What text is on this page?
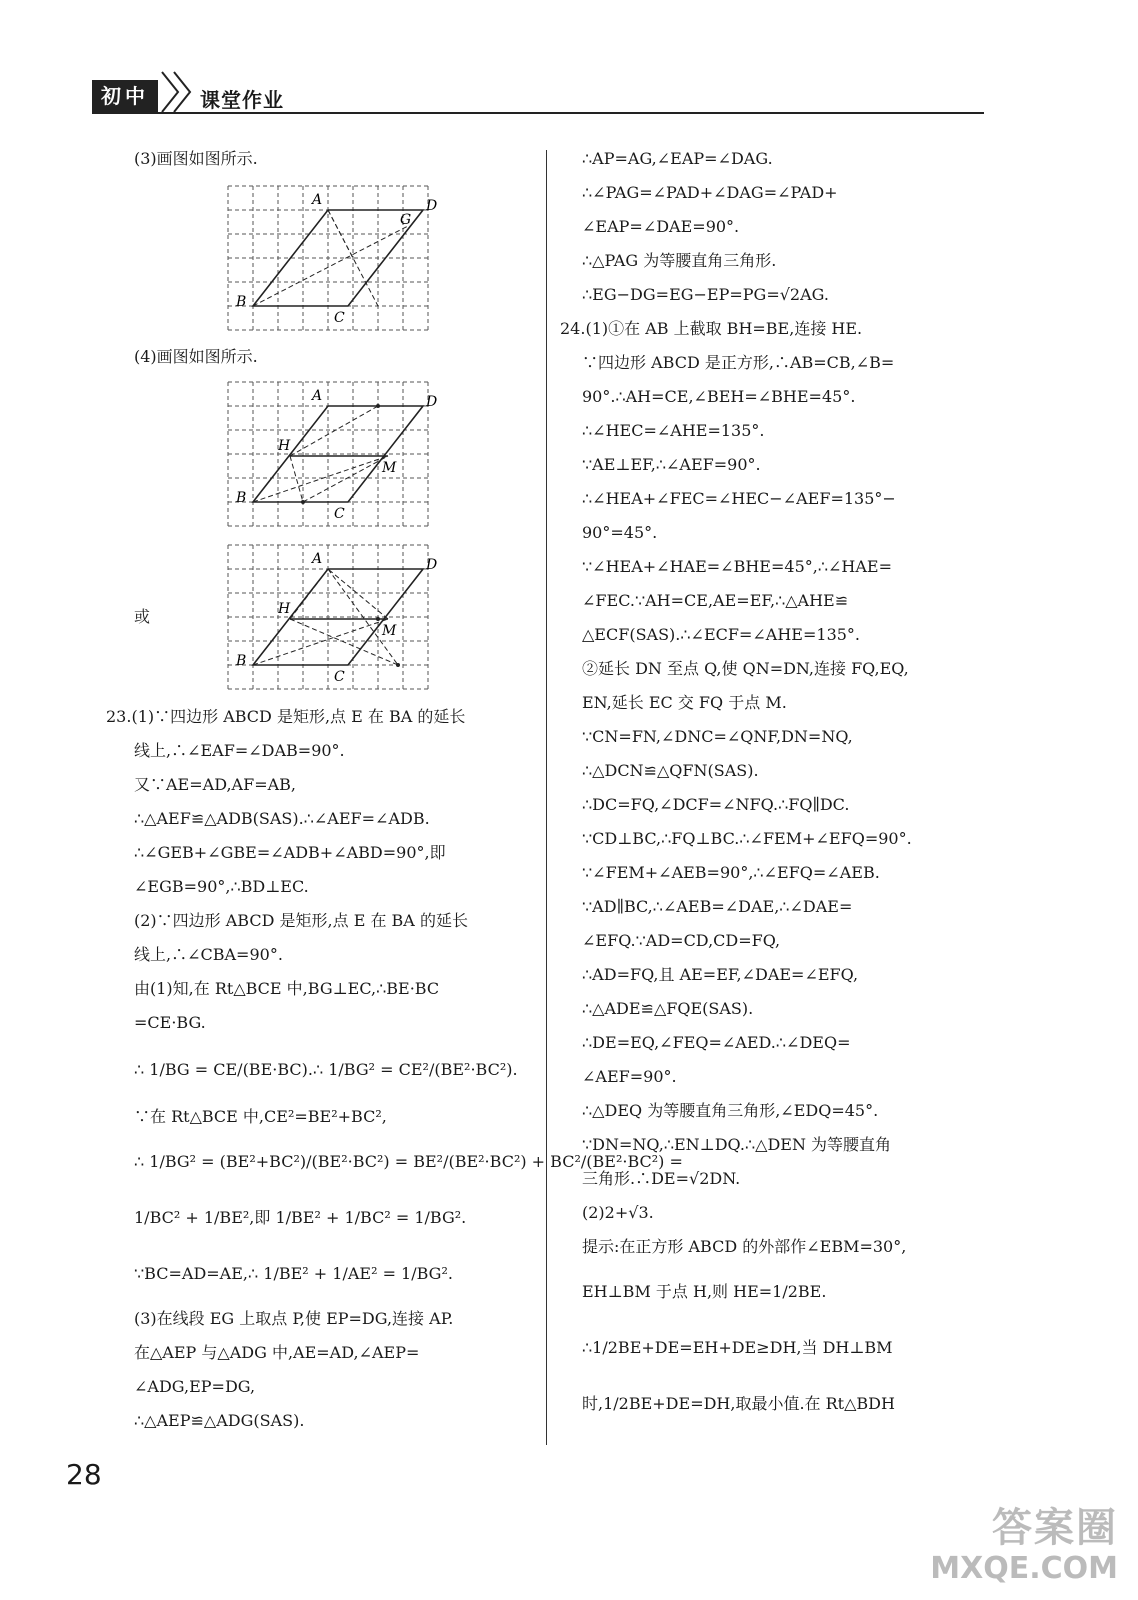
初中	课堂作业

(3)画图如图所示.

A	D
G
B
C

(4)画图如图所示.

A	D
H
M
B
C
A	D
H
M
B
C

或

23.(1)∵四边形 ABCD 是矩形,点 E 在 BA 的延长

线上,∴∠EAF=∠DAB=90°.

又∵AE=AD,AF=AB,

∴△AEF≌△ADB(SAS).∴∠AEF=∠ADB.

∴∠GEB+∠GBE=∠ADB+∠ABD=90°,即

∠EGB=90°,∴BD⊥EC.

(2)∵四边形 ABCD 是矩形,点 E 在 BA 的延长

线上,∴∠CBA=90°.

由(1)知,在 Rt△BCE 中,BG⊥EC,∴BE·BC

=CE·BG.

∴ 1/BG = CE/(BE·BC).∴ 1/BG² = CE²/(BE²·BC²).

∵在 Rt△BCE 中,CE²=BE²+BC²,

∴ 1/BG² = (BE²+BC²)/(BE²·BC²) = BE²/(BE²·BC²) + BC²/(BE²·BC²) =

1/BC² + 1/BE²,即 1/BE² + 1/BC² = 1/BG².

∵BC=AD=AE,∴ 1/BE² + 1/AE² = 1/BG².

(3)在线段 EG 上取点 P,使 EP=DG,连接 AP.

在△AEP 与△ADG 中,AE=AD,∠AEP=

∠ADG,EP=DG,

∴△AEP≌△ADG(SAS).

∴AP=AG,∠EAP=∠DAG.

∴∠PAG=∠PAD+∠DAG=∠PAD+

∠EAP=∠DAE=90°.

∴△PAG 为等腰直角三角形.

∴EG−DG=EG−EP=PG=√2AG.

24.(1)①在 AB 上截取 BH=BE,连接 HE.

∵四边形 ABCD 是正方形,∴AB=CB,∠B=

90°.∴AH=CE,∠BEH=∠BHE=45°.

∴∠HEC=∠AHE=135°.

∵AE⊥EF,∴∠AEF=90°.

∴∠HEA+∠FEC=∠HEC−∠AEF=135°−

90°=45°.

∵∠HEA+∠HAE=∠BHE=45°,∴∠HAE=

∠FEC.∵AH=CE,AE=EF,∴△AHE≌

△ECF(SAS).∴∠ECF=∠AHE=135°.

②延长 DN 至点 Q,使 QN=DN,连接 FQ,EQ,

EN,延长 EC 交 FQ 于点 M.

∵CN=FN,∠DNC=∠QNF,DN=NQ,

∴△DCN≌△QFN(SAS).

∴DC=FQ,∠DCF=∠NFQ.∴FQ∥DC.

∵CD⊥BC,∴FQ⊥BC.∴∠FEM+∠EFQ=90°.

∵∠FEM+∠AEB=90°,∴∠EFQ=∠AEB.

∵AD∥BC,∴∠AEB=∠DAE,∴∠DAE=

∠EFQ.∵AD=CD,CD=FQ,

∴AD=FQ,且 AE=EF,∠DAE=∠EFQ,

∴△ADE≌△FQE(SAS).

∴DE=EQ,∠FEQ=∠AED.∴∠DEQ=

∠AEF=90°.

∴△DEQ 为等腰直角三角形,∠EDQ=45°.

∵DN=NQ,∴EN⊥DQ.∴△DEN 为等腰直角

三角形.∴DE=√2DN.

(2)2+√3.

提示:在正方形 ABCD 的外部作∠EBM=30°,

EH⊥BM 于点 H,则 HE=1/2BE.

∴1/2BE+DE=EH+DE≥DH,当 DH⊥BM

时,1/2BE+DE=DH,取最小值.在 Rt△BDH

28
答案圈
MXQE.COM
